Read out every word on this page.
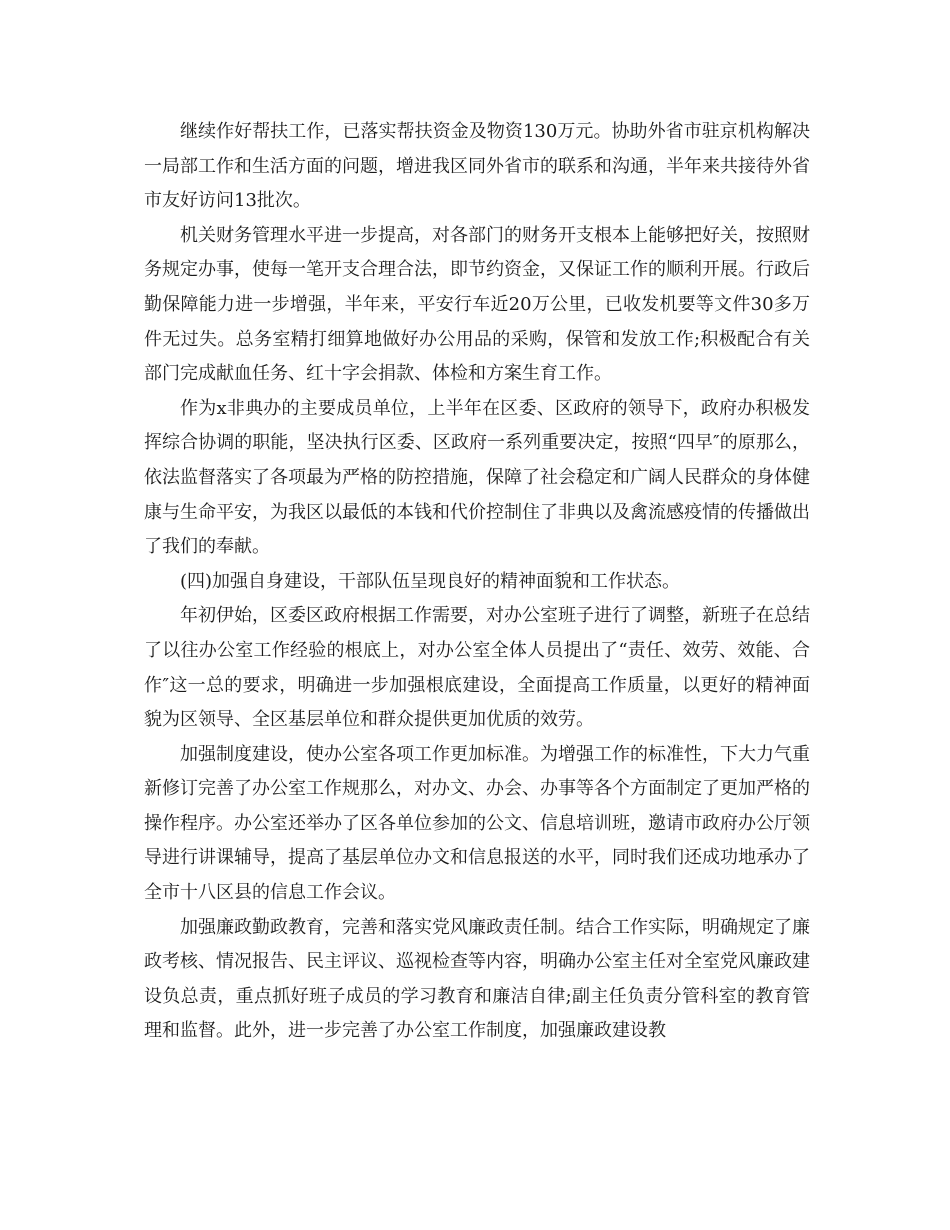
继续作好帮扶工作，已落实帮扶资金及物资130万元。协助外省市驻京机构解决一局部工作和生活方面的问题，增进我区同外省市的联系和沟通，半年来共接待外省市友好访问13批次。

机关财务管理水平进一步提高，对各部门的财务开支根本上能够把好关，按照财务规定办事，使每一笔开支合理合法，即节约资金，又保证工作的顺利开展。行政后勤保障能力进一步增强，半年来，平安行车近20万公里，已收发机要等文件30多万件无过失。总务室精打细算地做好办公用品的采购，保管和发放工作;积极配合有关部门完成献血任务、红十字会捐款、体检和方案生育工作。

作为x非典办的主要成员单位，上半年在区委、区政府的领导下，政府办积极发挥综合协调的职能，坚决执行区委、区政府一系列重要决定，按照“四早″的原那么，依法监督落实了各项最为严格的防控措施，保障了社会稳定和广阔人民群众的身体健康与生命平安，为我区以最低的本钱和代价控制住了非典以及禽流感疫情的传播做出了我们的奉献。

(四)加强自身建设，干部队伍呈现良好的精神面貌和工作状态。

年初伊始，区委区政府根据工作需要，对办公室班子进行了调整，新班子在总结了以往办公室工作经验的根底上，对办公室全体人员提出了“责任、效劳、效能、合作″这一总的要求，明确进一步加强根底建设，全面提高工作质量，以更好的精神面貌为区领导、全区基层单位和群众提供更加优质的效劳。

加强制度建设，使办公室各项工作更加标准。为增强工作的标准性，下大力气重新修订完善了办公室工作规那么，对办文、办会、办事等各个方面制定了更加严格的操作程序。办公室还举办了区各单位参加的公文、信息培训班，邀请市政府办公厅领导进行讲课辅导，提高了基层单位办文和信息报送的水平，同时我们还成功地承办了全市十八区县的信息工作会议。

加强廉政勤政教育，完善和落实党风廉政责任制。结合工作实际，明确规定了廉政考核、情况报告、民主评议、巡视检查等内容，明确办公室主任对全室党风廉政建设负总责，重点抓好班子成员的学习教育和廉洁自律;副主任负责分管科室的教育管理和监督。此外，进一步完善了办公室工作制度，加强廉政建设教
